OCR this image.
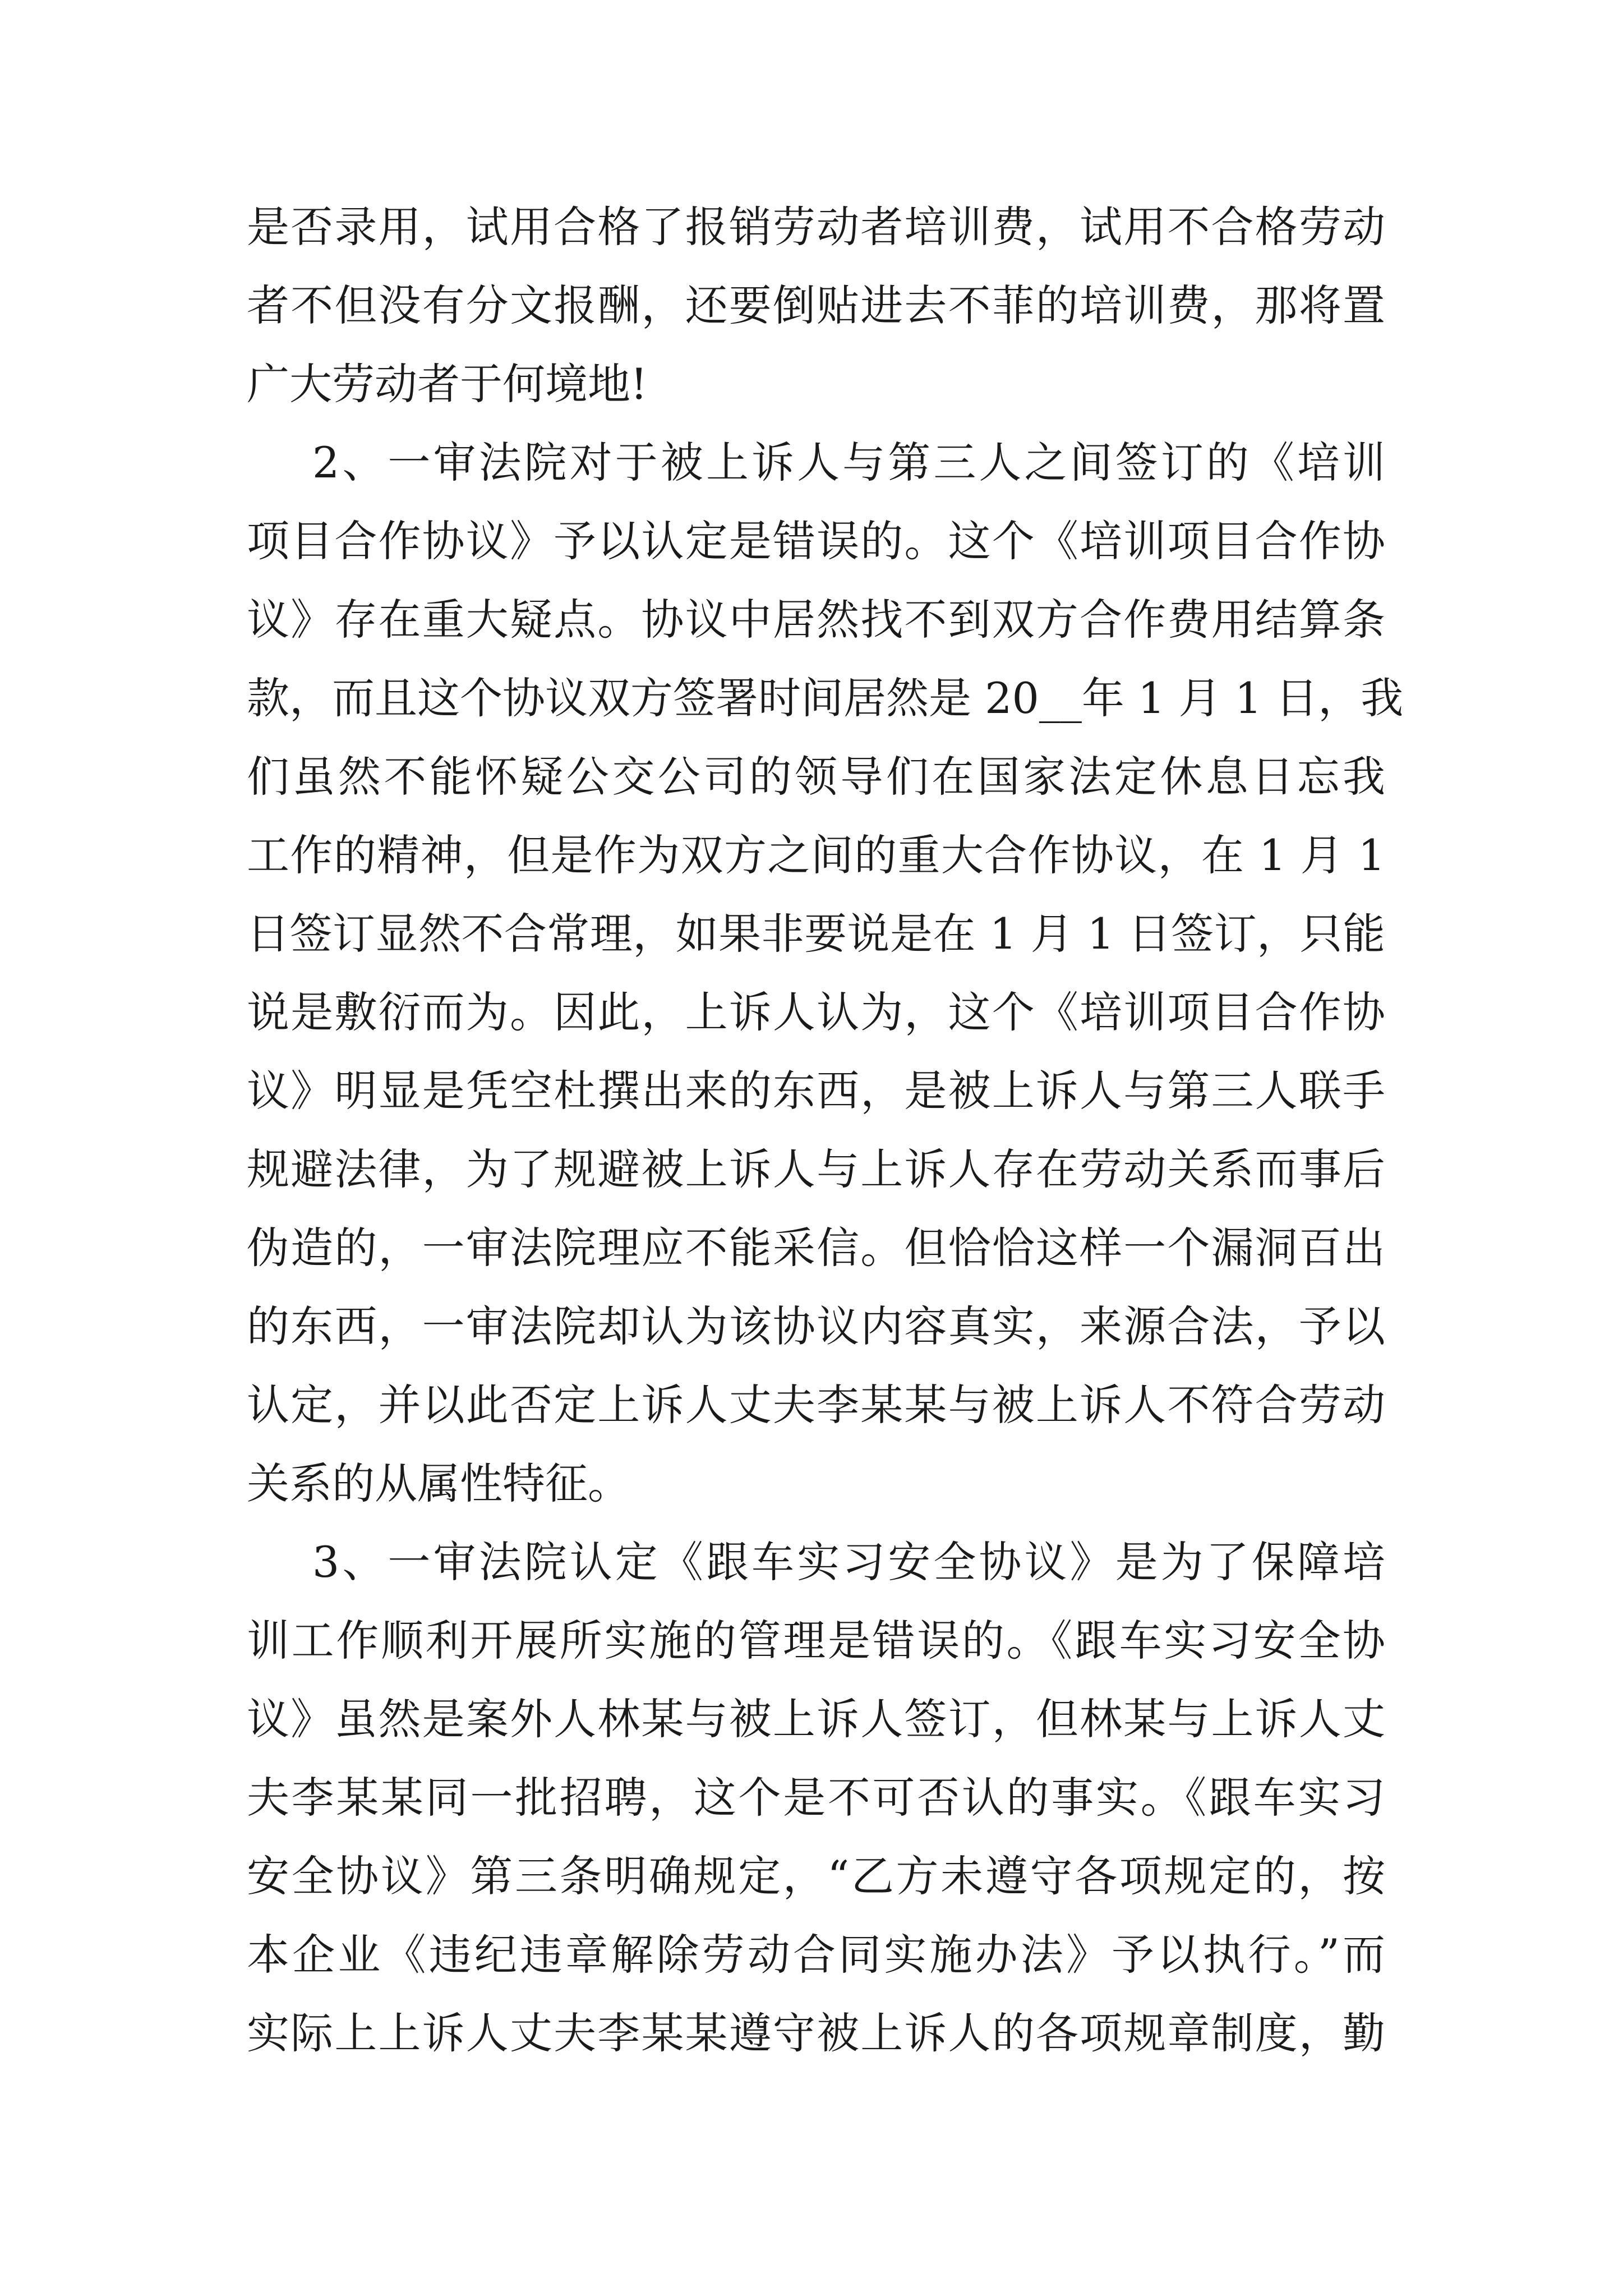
是否录用，试用合格了报销劳动者培训费，试用不合格劳动
者不但没有分文报酬，还要倒贴进去不菲的培训费，那将置
广大劳动者于何境地!
2、一审法院对于被上诉人与第三人之间签订的《培训
项目合作协议》予以认定是错误的。这个《培训项目合作协
议》存在重大疑点。协议中居然找不到双方合作费用结算条
款，而且这个协议双方签署时间居然是 20__年 1 月 1 日，我
们虽然不能怀疑公交公司的领导们在国家法定休息日忘我
工作的精神，但是作为双方之间的重大合作协议，在 1 月 1
日签订显然不合常理，如果非要说是在 1 月 1 日签订，只能
说是敷衍而为。因此，上诉人认为，这个《培训项目合作协
议》明显是凭空杜撰出来的东西，是被上诉人与第三人联手
规避法律，为了规避被上诉人与上诉人存在劳动关系而事后
伪造的，一审法院理应不能采信。但恰恰这样一个漏洞百出
的东西，一审法院却认为该协议内容真实，来源合法，予以
认定，并以此否定上诉人丈夫李某某与被上诉人不符合劳动
关系的从属性特征。
3、一审法院认定《跟车实习安全协议》是为了保障培
训工作顺利开展所实施的管理是错误的。《跟车实习安全协
议》虽然是案外人林某与被上诉人签订，但林某与上诉人丈
夫李某某同一批招聘，这个是不可否认的事实。《跟车实习
安全协议》第三条明确规定，“乙方未遵守各项规定的，按
本企业《违纪违章解除劳动合同实施办法》予以执行。”而
实际上上诉人丈夫李某某遵守被上诉人的各项规章制度，勤
